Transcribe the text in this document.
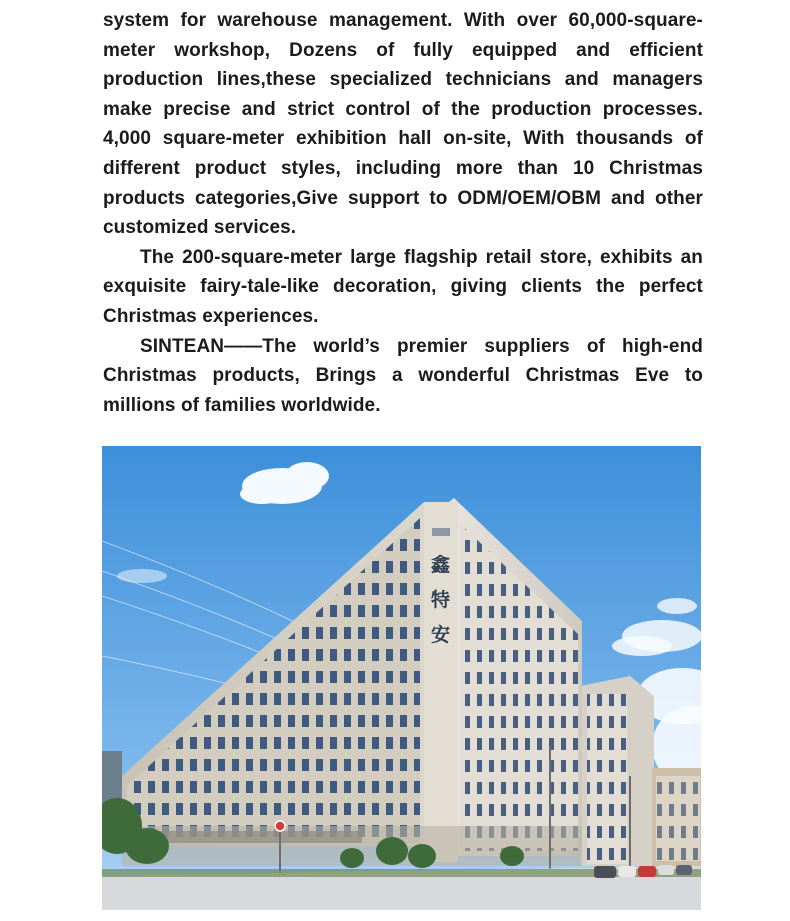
system for warehouse management. With over 60,000-square-meter workshop, Dozens of fully equipped and efficient production lines,these specialized technicians and managers make precise and strict control of the production processes. 4,000 square-meter exhibition hall on-site, With thousands of different product styles, including more than 10 Christmas products categories,Give support to ODM/OEM/OBM and other customized services.

The 200-square-meter large flagship retail store, exhibits an exquisite fairy-tale-like decoration, giving clients the perfect Christmas experiences.

SINTEAN——The world’s premier suppliers of high-end Christmas products, Brings a wonderful Christmas Eve to millions of families worldwide.

鑫
特
安
